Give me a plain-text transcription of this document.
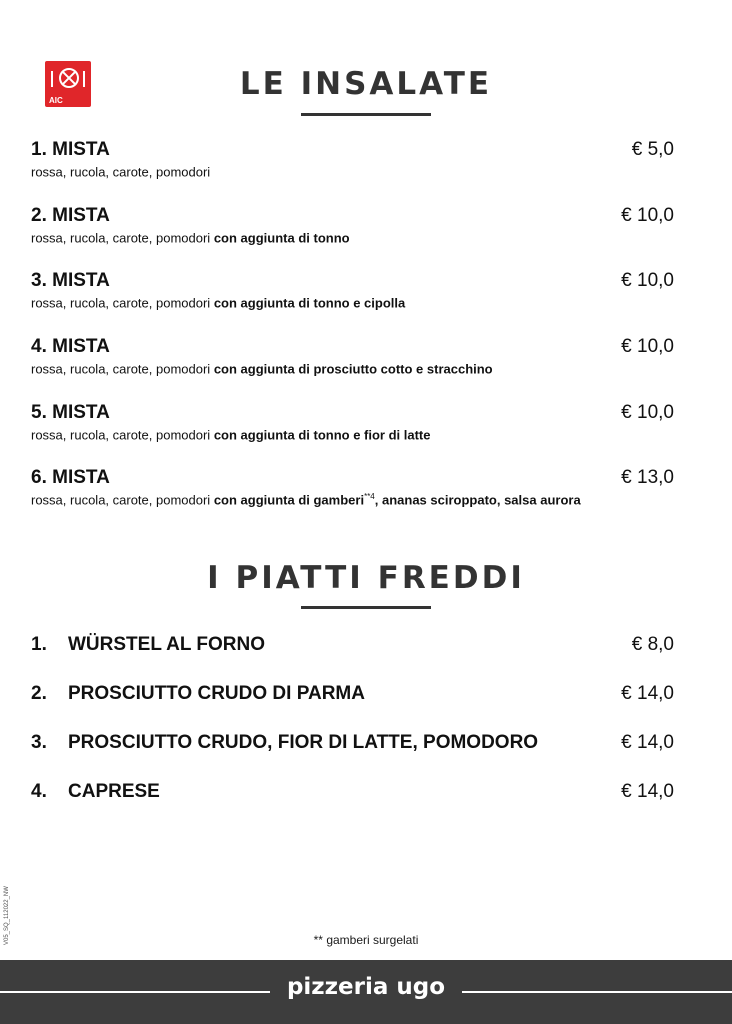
AIC	LE INSALATE
1. MISTA	€ 5,0
rossa, rucola, carote, pomodori
2. MISTA	€ 10,0
rossa, rucola, carote, pomodori con aggiunta di tonno
3. MISTA	€ 10,0
rossa, rucola, carote, pomodori con aggiunta di tonno e cipolla
4. MISTA	€ 10,0
rossa, rucola, carote, pomodori con aggiunta di prosciutto cotto e stracchino
5. MISTA	€ 10,0
rossa, rucola, carote, pomodori con aggiunta di tonno e fior di latte
6. MISTA	€ 13,0
rossa, rucola, carote, pomodori con aggiunta di gamberi$^{**4}$, ananas sciroppato, salsa aurora
I PIATTI FREDDI
1. WÜRSTEL AL FORNO	€ 8,0
2. PROSCIUTTO CRUDO DI PARMA	€ 14,0
3. PROSCIUTTO CRUDO, FIOR DI LATTE, POMODORO	€ 14,0
4. CAPRESE	€ 14,0
V05_SQ_112022_NW	** gamberi surgelati
pizzeria ugo
